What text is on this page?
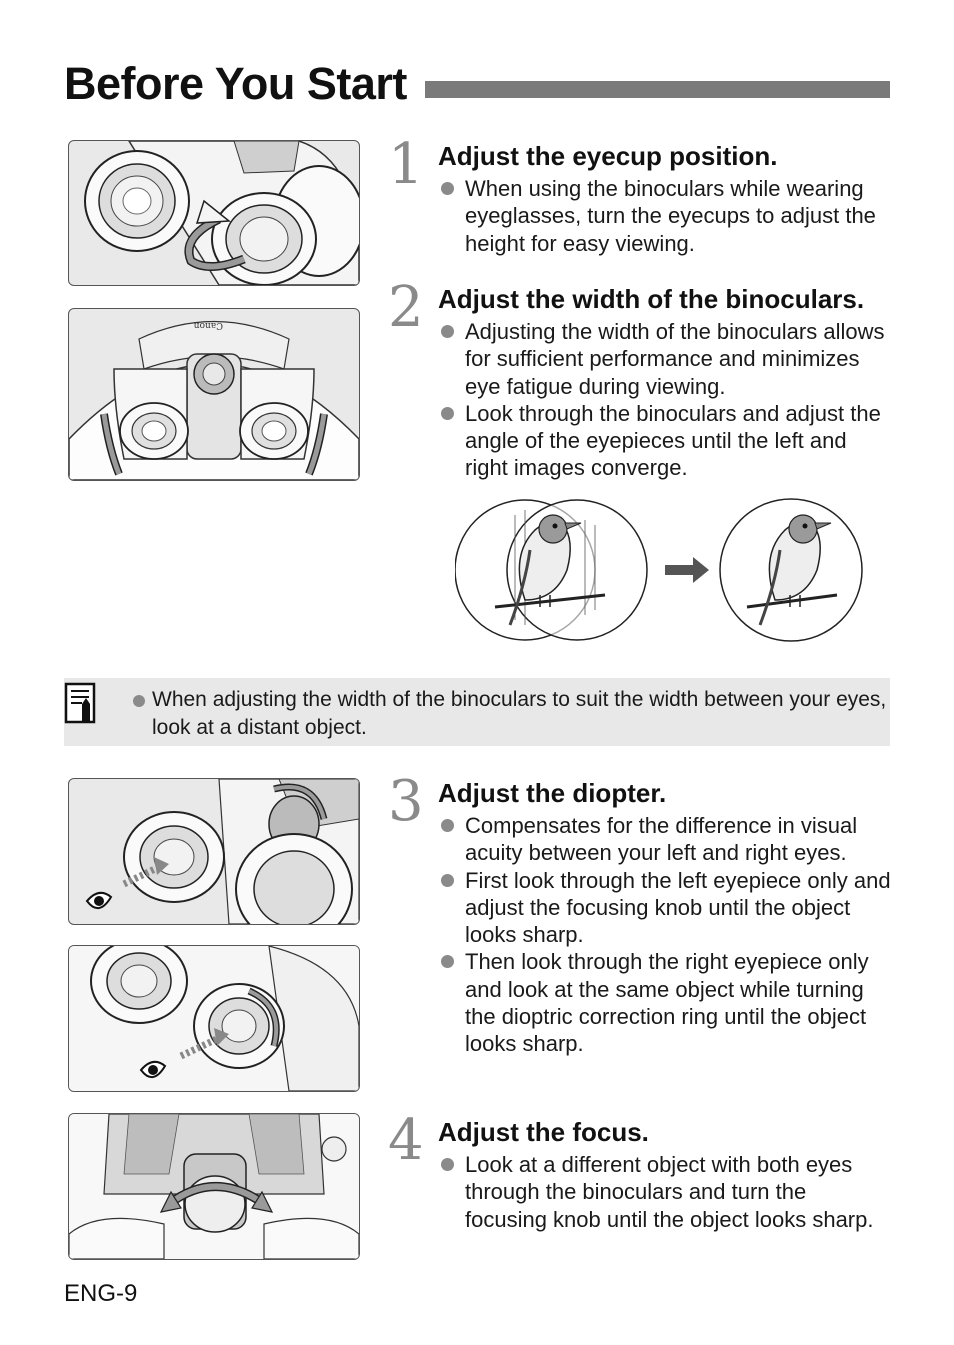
Before You Start
Canon
1 Adjust the eyecup position.
When using the binoculars while wearing eyeglasses, turn the eyecups to adjust the height for easy viewing.
2 Adjust the width of the binoculars.
Adjusting the width of the binoculars allows for sufficient performance and minimizes eye fatigue during viewing.
Look through the binoculars and adjust the angle of the eyepieces until the left and right images converge.
When adjusting the width of the binoculars to suit the width between your eyes, look at a distant object.
3 Adjust the diopter.
Compensates for the difference in visual acuity between your left and right eyes.
First look through the left eyepiece only and adjust the focusing knob until the object looks sharp.
Then look through the right eyepiece only and look at the same object while turning the dioptric correction ring until the object looks sharp.
4 Adjust the focus.
Look at a different object with both eyes through the binoculars and turn the focusing knob until the object looks sharp.
ENG-9
